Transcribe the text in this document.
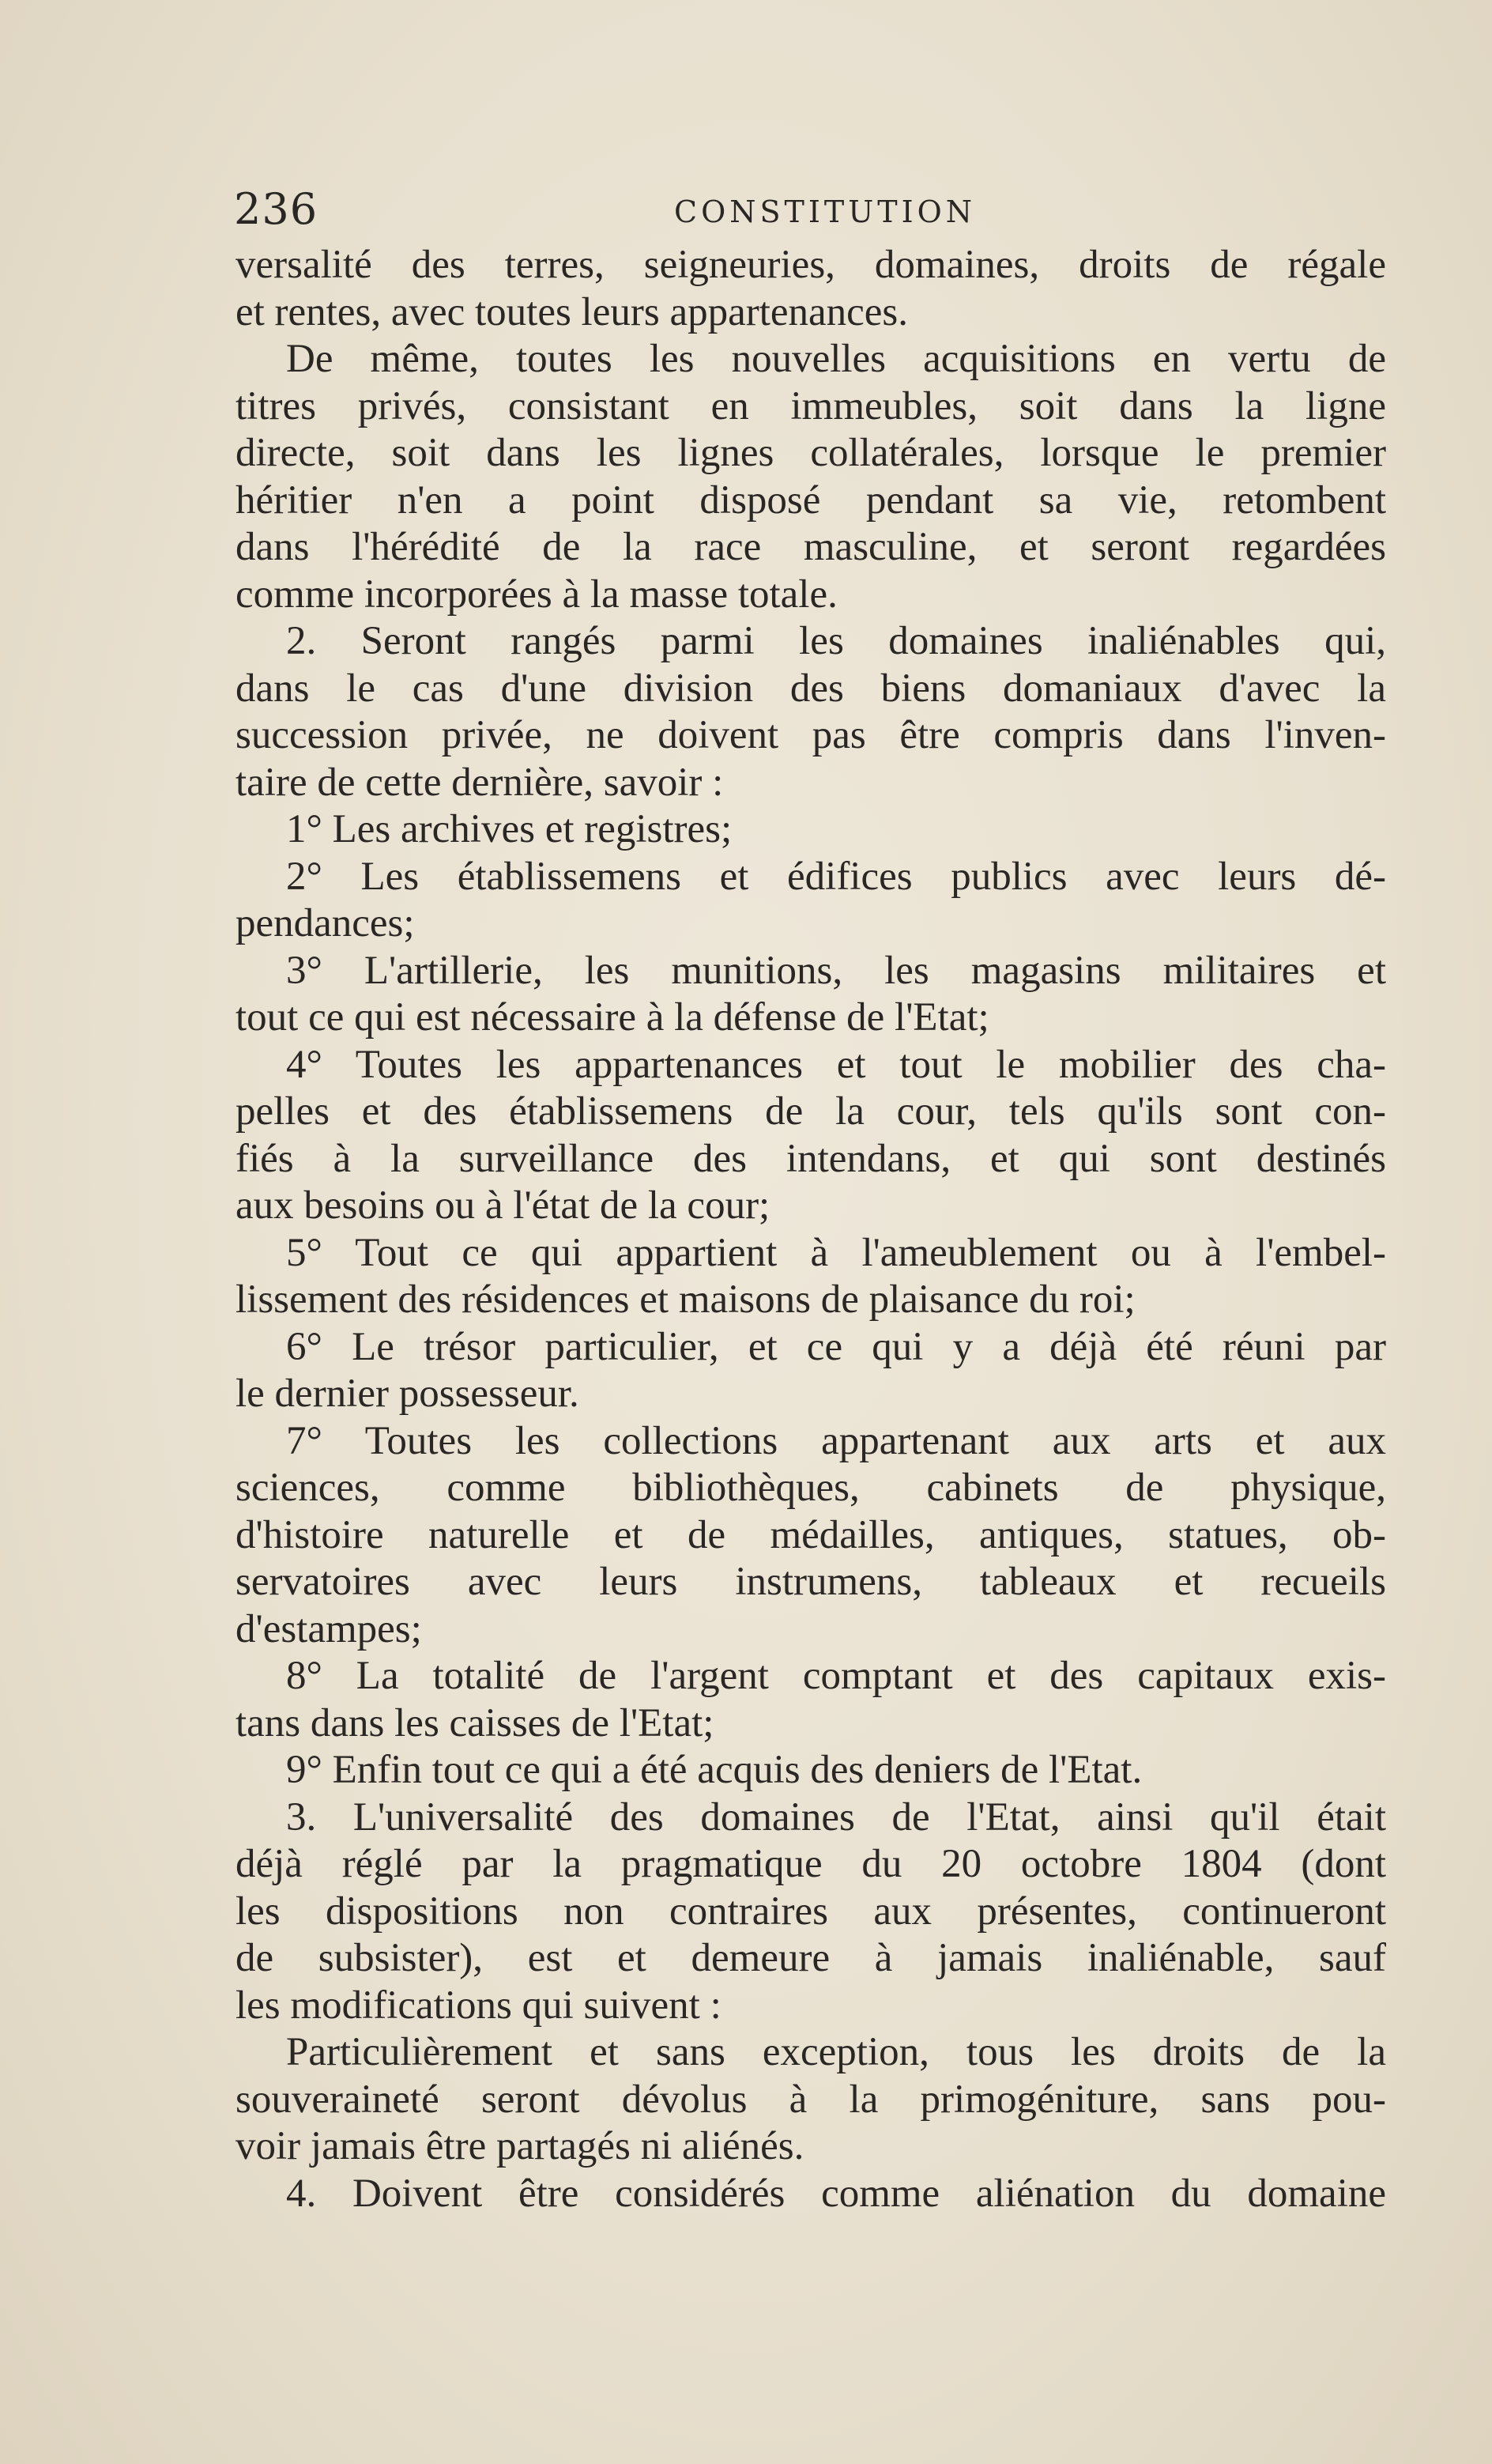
236	CONSTITUTION
versalité des terres, seigneuries, domaines, droits de régale
et rentes, avec toutes leurs appartenances.
De même, toutes les nouvelles acquisitions en vertu de
titres privés, consistant en immeubles, soit dans la ligne
directe, soit dans les lignes collatérales, lorsque le premier
héritier n'en a point disposé pendant sa vie, retombent
dans l'hérédité de la race masculine, et seront regardées
comme incorporées à la masse totale.
2. Seront rangés parmi les domaines inaliénables qui,
dans le cas d'une division des biens domaniaux d'avec la
succession privée, ne doivent pas être compris dans l'inven-
taire de cette dernière, savoir :
1° Les archives et registres;
2° Les établissemens et édifices publics avec leurs dé-
pendances;
3° L'artillerie, les munitions, les magasins militaires et
tout ce qui est nécessaire à la défense de l'Etat;
4° Toutes les appartenances et tout le mobilier des cha-
pelles et des établissemens de la cour, tels qu'ils sont con-
fiés à la surveillance des intendans, et qui sont destinés
aux besoins ou à l'état de la cour;
5° Tout ce qui appartient à l'ameublement ou à l'embel-
lissement des résidences et maisons de plaisance du roi;
6° Le trésor particulier, et ce qui y a déjà été réuni par
le dernier possesseur.
7° Toutes les collections appartenant aux arts et aux
sciences, comme bibliothèques, cabinets de physique,
d'histoire naturelle et de médailles, antiques, statues, ob-
servatoires avec leurs instrumens, tableaux et recueils
d'estampes;
8° La totalité de l'argent comptant et des capitaux exis-
tans dans les caisses de l'Etat;
9° Enfin tout ce qui a été acquis des deniers de l'Etat.
3. L'universalité des domaines de l'Etat, ainsi qu'il était
déjà réglé par la pragmatique du 20 octobre 1804 (dont
les dispositions non contraires aux présentes, continueront
de subsister), est et demeure à jamais inaliénable, sauf
les modifications qui suivent :
Particulièrement et sans exception, tous les droits de la
souveraineté seront dévolus à la primogéniture, sans pou-
voir jamais être partagés ni aliénés.
4. Doivent être considérés comme aliénation du domaine
